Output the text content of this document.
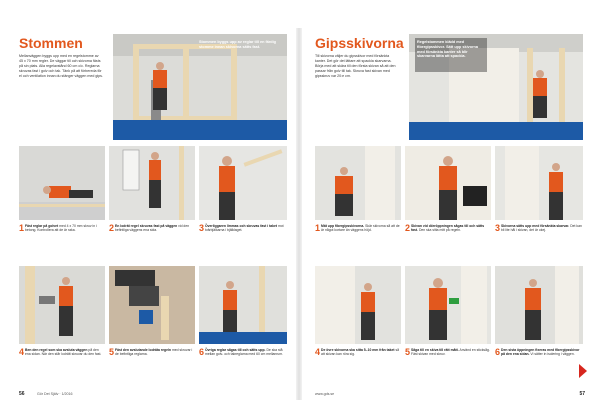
Stommen
Mellanväggen byggs upp med en regelstomme av 45 x 70 mm regler. De väggar till och skivorna fästs på sin plats. Alla regelavstånd 60 cm c/c. Reglarna skruvas fast i golv och tak. Tänk på att förbereda för el och ventilation innan du stänger väggen med gips.
Stommen byggs upp av reglar till en färdig stomme innan skivorna sätts fast.
1 Fäst reglar på golvet med 4 x 70 mm skruv in i betong. Kontrollera att de är raka.	2 En lodrät regel skruvas fast på väggen vid den befintliga väggens ena sida.	3 Överliggaren limmas och skruvas fast i taket mot tvärbjälkarna i bjälklaget.
4 Ben den regel som ska avsluta väggen på den ena sidan. När den står lodrätt skruvar du den fast. 5 Fäst den avslutande lodräta regeln med skruvar i de befintliga reglarna.	6 Övriga reglar sågas till och sätts upp. De ska stå mellan golv- och takreglarna med 60 cm mellanrum.
56	Gör Det Själv · 1/2016
Gipsskivorna
Till skivorna väljer du gipsskivor med försänkta kanter. Det gör det lättare att spackla skarvarna. Börja med att skära till den första skivan så att den passar från golv till tak. Skruva fast skivan med gipsskruv var 20:e cm.
Regelstommen klädd med fibergipsskivor. Sätt upp skivorna med försänkta kanter så blir skarvarna lätta att spackla.
1 Mät upp fibergipsskivorna. Skär skivorna så att de är något kortare än väggens höjd.	2 Skivan vid dörröppningen sågas till och sätts fast. Den ska sitta mitt på regeln.	3 Skivorna sätts upp med försänkta skarvar. Det kan bli lite hål i skivan, det är okej.
4 De övre skivorna ska sitta 5–10 mm från taket så att skivan kan röra sig.	5 Såga till en skiva till rätt mått. Använd en sticksåg. Fäst skivan med skruv.	6 Den sista öppningen fixeras med fibergipsskivor på den ena sidan. Vi sätter in isolering i väggen.
www.gds.se	57
